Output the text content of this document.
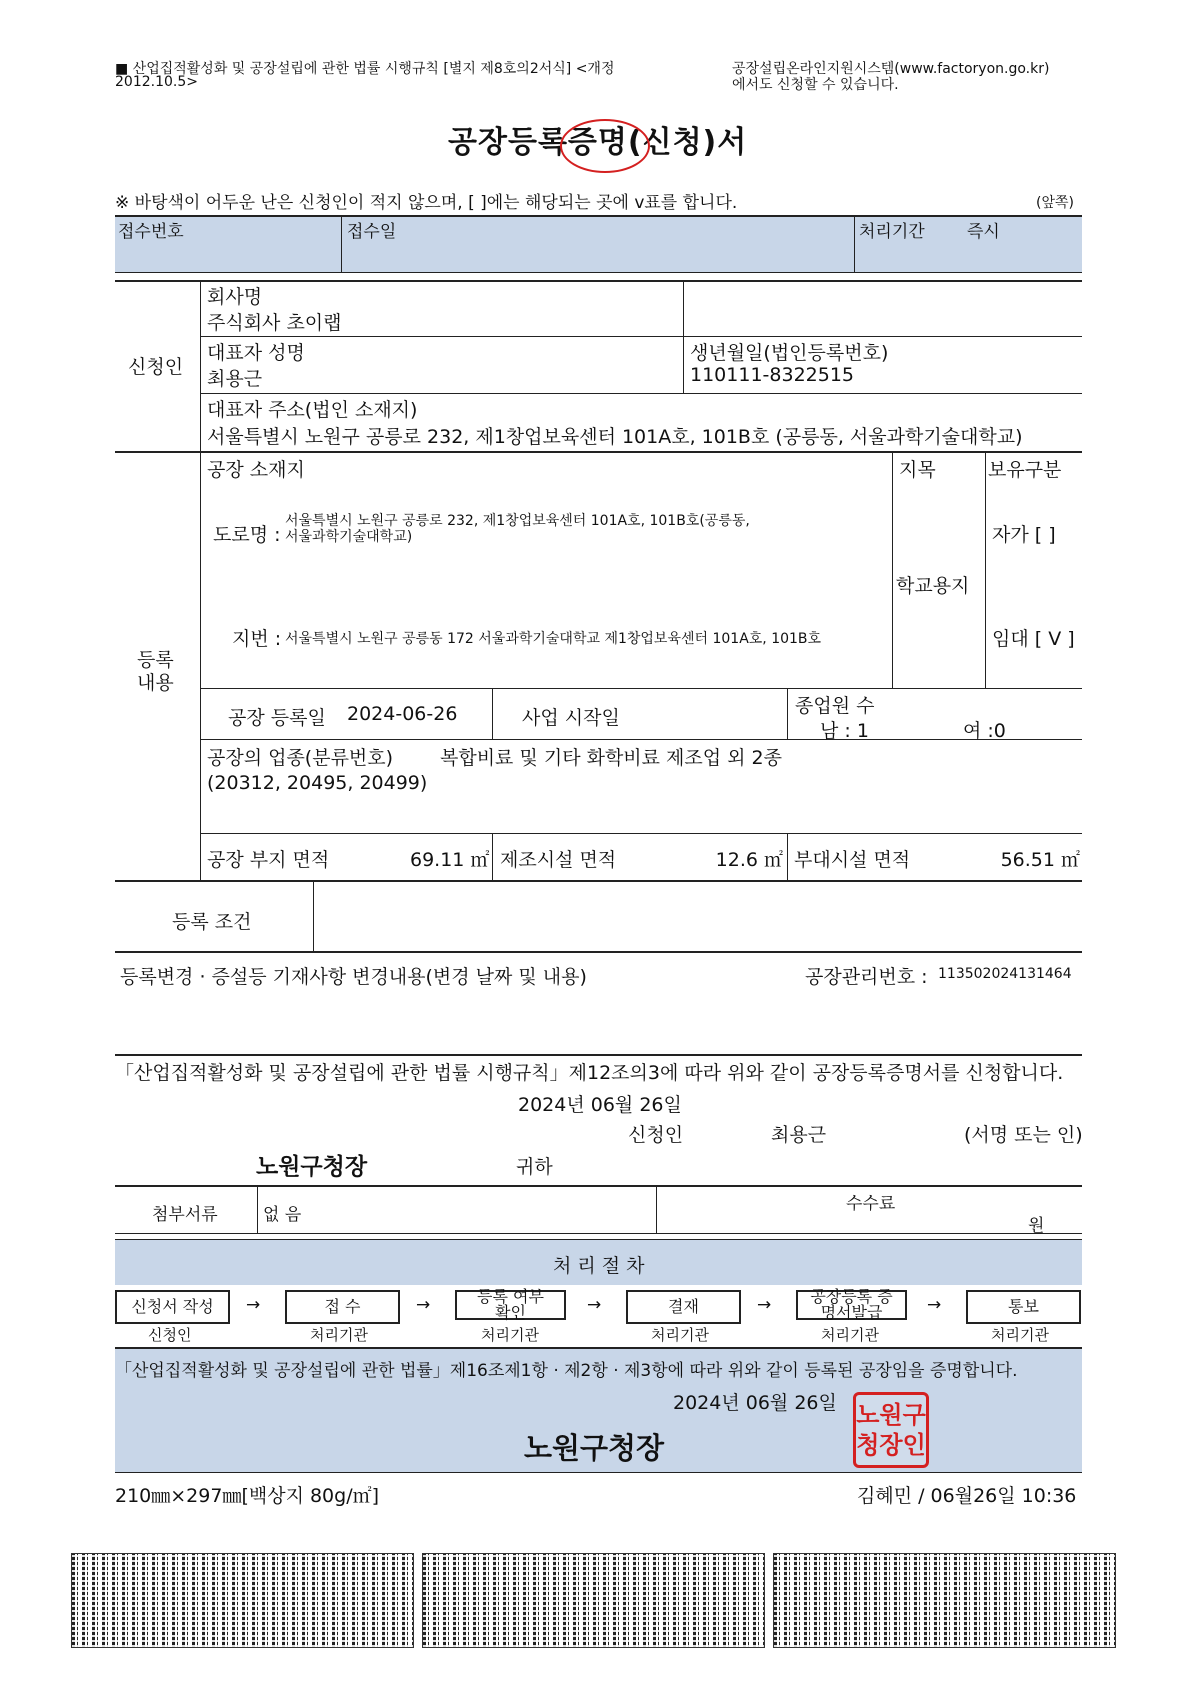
■ 산업집적활성화 및 공장설립에 관한 법률 시행규칙 [별지 제8호의2서식] <개정
2012.10.5>
공장설립온라인지원시스템(www.factoryon.go.kr)
에서도 신청할 수 있습니다.
공장등록증명
(신청)서
※ 바탕색이 어두운 난은 신청인이 적지 않으며, [ ]에는 해당되는 곳에 v표를 합니다.	(앞쪽)
접수번호	접수일	처리기간 즉시
신청인
회사명
주식회사 초이랩
대표자 성명
최용근
생년월일(법인등록번호)
110111-8322515
대표자 주소(법인 소재지)
서울특별시 노원구 공릉로 232, 제1창업보육센터 101A호, 101B호 (공릉동, 서울과학기술대학교)
등록
내용
공장 소재지
도로명 :
서울특별시 노원구 공릉로 232, 제1창업보육센터 101A호, 101B호(공릉동,
서울과학기술대학교)
지번 : 서울특별시 노원구 공릉동 172 서울과학기술대학교 제1창업보육센터 101A호, 101B호
지목
학교용지
보유구분
자가 [ ]
임대 [ V ]
공장 등록일 2024-06-26	사업 시작일
종업원 수
남 : 1	여 :0
공장의 업종(분류번호) 복합비료 및 기타 화학비료 제조업 외 2종
(20312, 20495, 20499)
공장 부지 면적	69.11 ㎡ 제조시설 면적	12.6 ㎡ 부대시설 면적	56.51 ㎡
등록 조건
등록변경 · 증설등 기재사항 변경내용(변경 날짜 및 내용)	공장관리번호 : 113502024131464
「산업집적활성화 및 공장설립에 관한 법률 시행규칙」제12조의3에 따라 위와 같이 공장등록증명서를 신청합니다.
2024년 06월 26일
신청인	최용근	(서명 또는 인)
노원구청장	귀하
첨부서류	없 음
수수료
원
처 리 절 차
신청서 작성	접 수
등록 여부 확인	결재
공장등록 증명서발급	통보
→	→	→	→	→
신청인	처리기관	처리기관	처리기관	처리기관	처리기관
「산업집적활성화 및 공장설립에 관한 법률」제16조제1항 · 제2항 · 제3항에 따라 위와 같이 등록된 공장임을 증명합니다.
2024년 06월 26일
노원구청장
노원구
청장인
210㎜×297㎜[백상지 80g/㎡]	김혜민 / 06월26일 10:36
